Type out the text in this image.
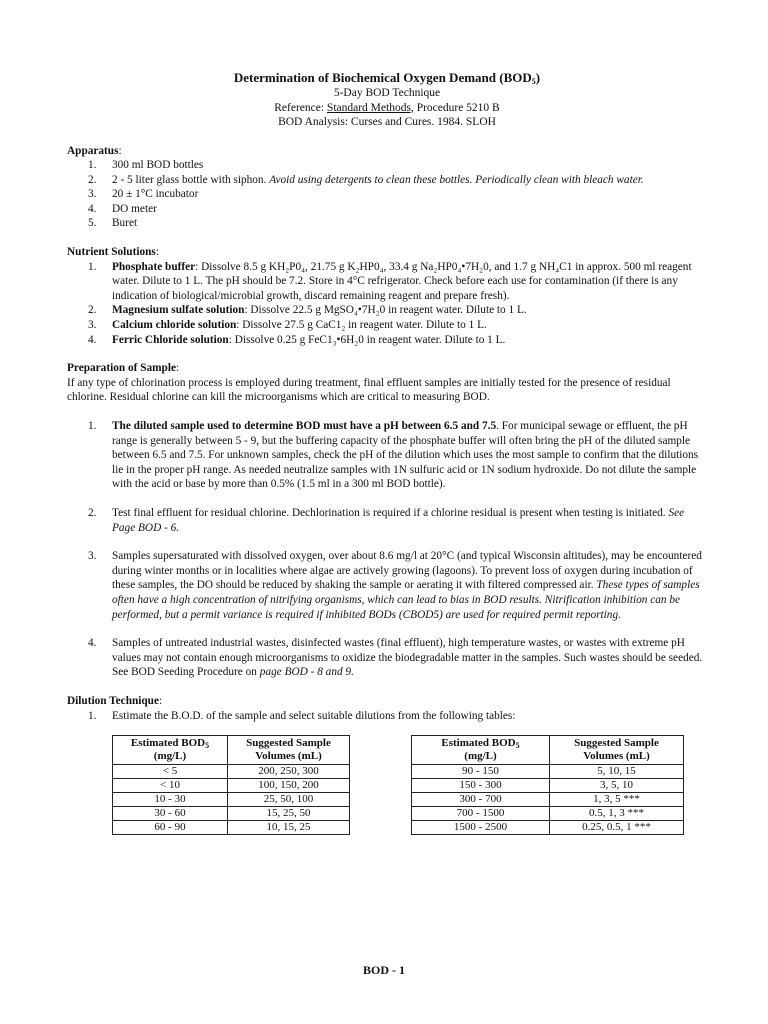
Determination of Biochemical Oxygen Demand $(BOD_5)$
5-Day BOD Technique
Reference: Standard Methods, Procedure 5210 B
BOD Analysis: Curses and Cures. 1984. SLOH
Apparatus:
1. 300 ml BOD bottles
2. 2 - 5 liter glass bottle with siphon. Avoid using detergents to clean these bottles. Periodically clean with bleach water.
3. 20 ± 1°C incubator
4. DO meter
5. Buret
Nutrient Solutions:
1. Phosphate buffer: Dissolve 8.5 g KH₂P0₄, 21.75 g K₂HP0₄, 33.4 g Na₂HP0₄•7H₂0, and 1.7 g NH₄C1 in approx. 500 ml reagent water. Dilute to 1 L. The pH should be 7.2. Store in 4°C refrigerator. Check before each use for contamination (if there is any indication of biological/microbial growth, discard remaining reagent and prepare fresh).
2. Magnesium sulfate solution: Dissolve 22.5 g MgSO₄•7H₂0 in reagent water. Dilute to 1 L.
3. Calcium chloride solution: Dissolve 27.5 g CaC1₂ in reagent water. Dilute to 1 L.
4. Ferric Chloride solution: Dissolve 0.25 g FeC1₃•6H₂0 in reagent water. Dilute to 1 L.
Preparation of Sample:

If any type of chlorination process is employed during treatment, final effluent samples are initially tested for the presence of residual chlorine. Residual chlorine can kill the microorganisms which are critical to measuring BOD.

1. The diluted sample used to determine BOD must have a pH between 6.5 and 7.5. For municipal sewage or effluent, the pH range is generally between 5 - 9, but the buffering capacity of the phosphate buffer will often bring the pH of the diluted sample between 6.5 and 7.5. For unknown samples, check the pH of the dilution which uses the most sample to confirm that the dilutions lie in the proper pH range. As needed neutralize samples with 1N sulfuric acid or 1N sodium hydroxide. Do not dilute the sample with the acid or base by more than 0.5% (1.5 ml in a 300 ml BOD bottle).
2. Test final effluent for residual chlorine. Dechlorination is required if a chlorine residual is present when testing is initiated. See Page BOD - 6.
3. Samples supersaturated with dissolved oxygen, over about 8.6 mg/l at 20°C (and typical Wisconsin altitudes), may be encountered during winter months or in localities where algae are actively growing (lagoons). To prevent loss of oxygen during incubation of these samples, the DO should be reduced by shaking the sample or aerating it with filtered compressed air. These types of samples often have a high concentration of nitrifying organisms, which can lead to bias in BOD results. Nitrification inhibition can be performed, but a permit variance is required if inhibited BODs (CBOD5) are used for required permit reporting.
4. Samples of untreated industrial wastes, disinfected wastes (final effluent), high temperature wastes, or wastes with extreme pH values may not contain enough microorganisms to oxidize the biodegradable matter in the samples. Such wastes should be seeded. See BOD Seeding Procedure on page BOD - 8 and 9.
Dilution Technique:
1. Estimate the B.O.D. of the sample and select suitable dilutions from the following tables:
Estimated $BOD_5$
(mg/L)	Suggested Sample
Volumes (mL)
< 5	200, 250, 300
< 10	100, 150, 200
10 - 30	25, 50, 100
30 - 60	15, 25, 50
60 - 90	10, 15, 25
Estimated $BOD_5$
(mg/L)	Suggested Sample
Volumes (mL)
90 - 150	5, 10, 15
150 - 300	3, 5, 10
300 - 700	1, 3, 5 ***
700 - 1500	0.5, 1, 3 ***
1500 - 2500	0.25, 0.5, 1 ***
BOD - 1
